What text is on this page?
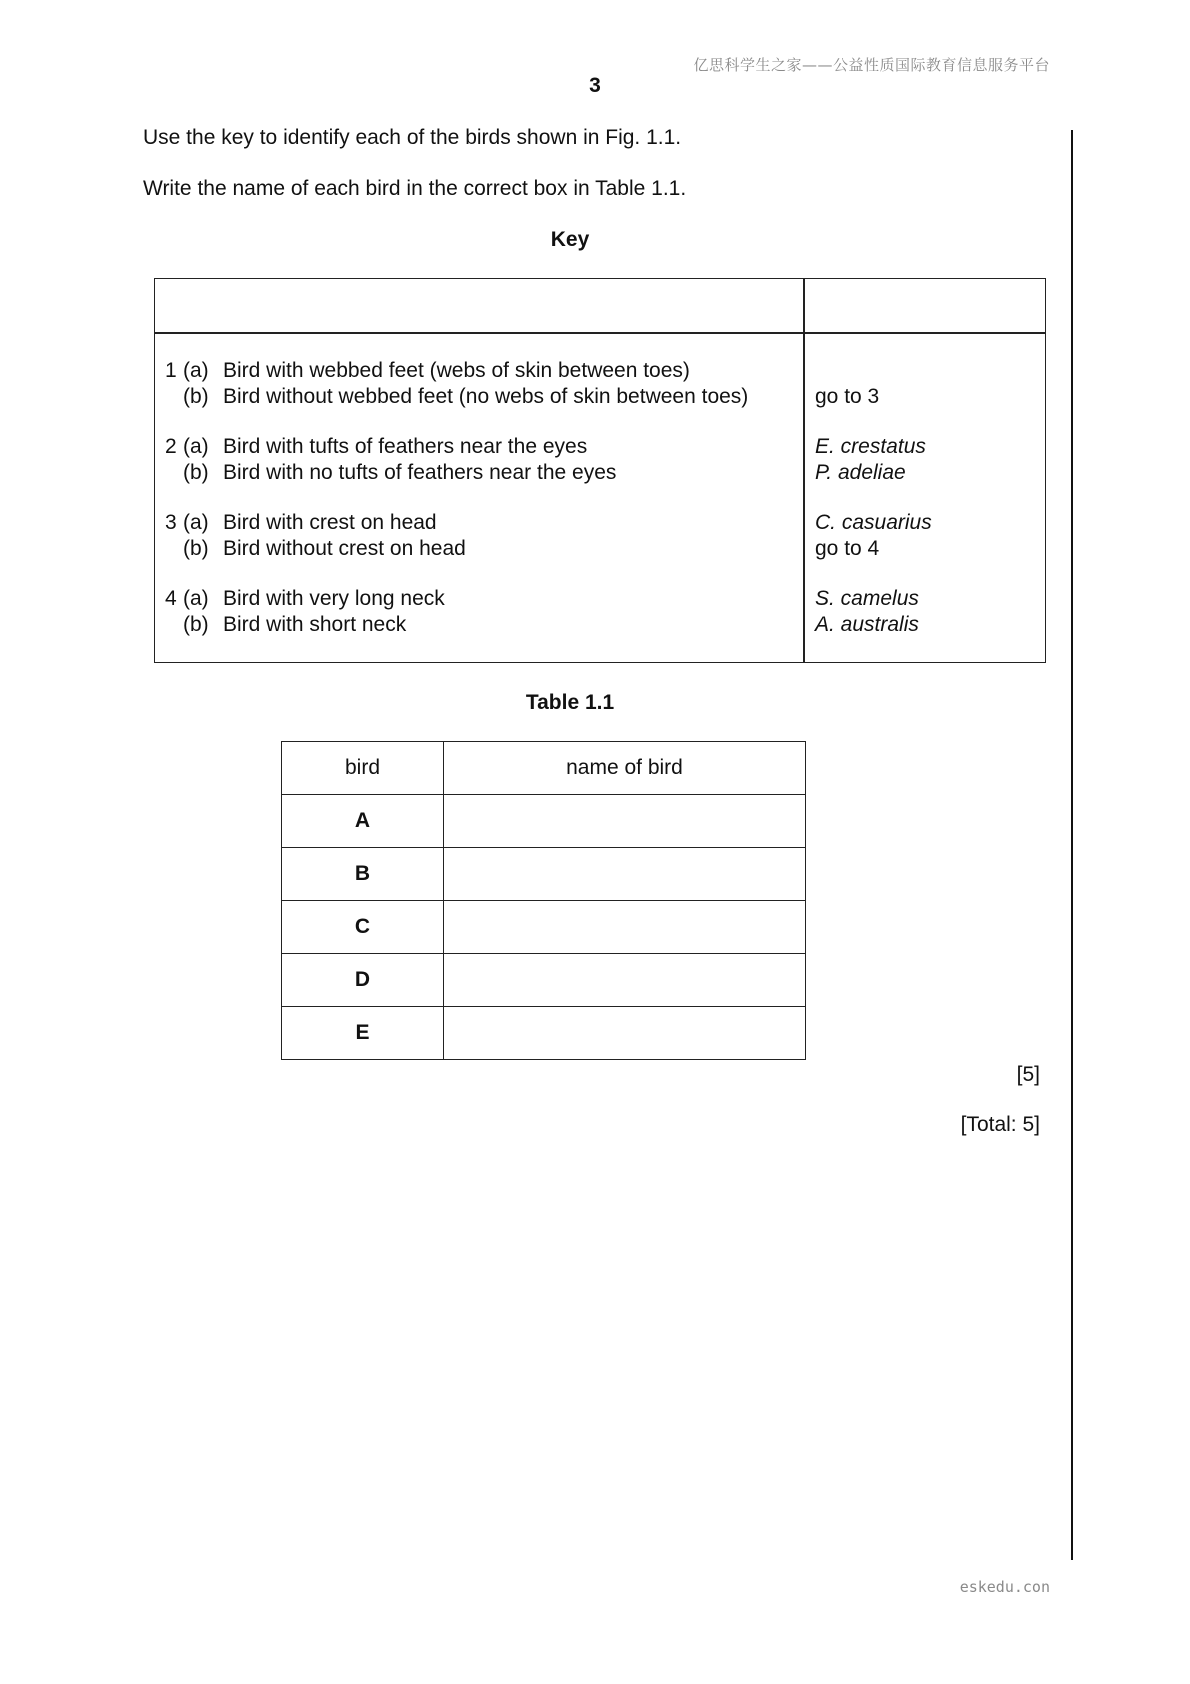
亿思科学生之家——公益性质国际教育信息服务平台
3
Use the key to identify each of the birds shown in Fig. 1.1.
Write the name of each bird in the correct box in Table 1.1.
Key
1 (a) Bird with webbed feet (webs of skin between toes)
(b) Bird without webbed feet (no webs of skin between toes)	go to 3
2 (a) Bird with tufts of feathers near the eyes	E. crestatus
(b) Bird with no tufts of feathers near the eyes	P. adeliae
3 (a) Bird with crest on head	C. casuarius
(b) Bird without crest on head	go to 4
4 (a) Bird with very long neck	S. camelus
(b) Bird with short neck	A. australis
Table 1.1
bird	name of bird
A	
B	
C	
D	
E	
[5]
[Total: 5]
eskedu.con
